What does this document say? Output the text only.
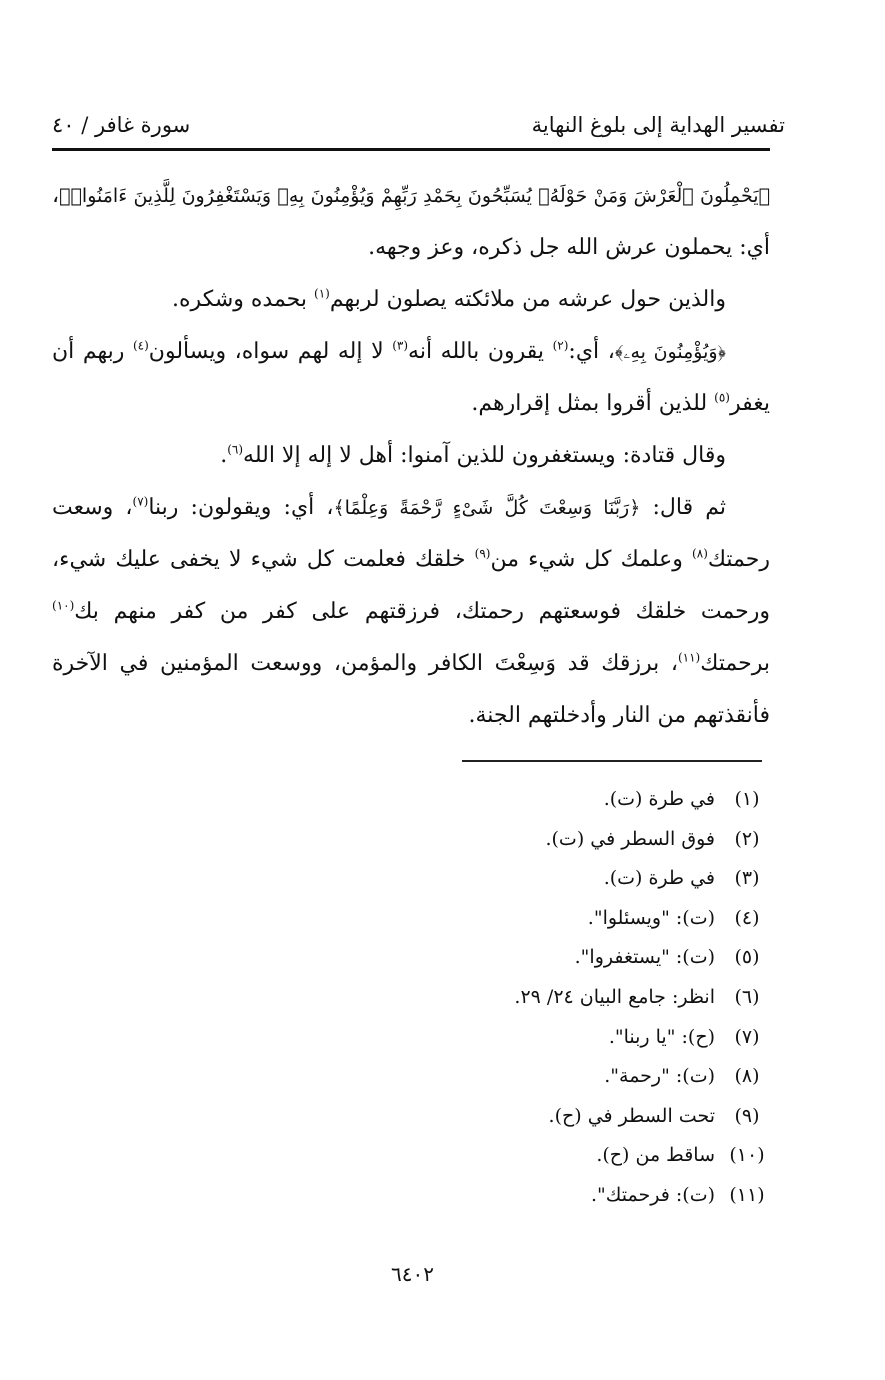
تفسير الهداية إلى بلوغ النهاية
سورة غافر / ٤٠

﴿يَحْمِلُونَ ٱلْعَرْشَ وَمَنْ حَوْلَهُۥ يُسَبِّحُونَ بِحَمْدِ رَبِّهِمْ وَيُؤْمِنُونَ بِهِۦ وَيَسْتَغْفِرُونَ لِلَّذِينَ ءَامَنُوا۟﴾، أي: يحملون عرش الله جل ذكره، وعز وجهه.

والذين حول عرشه من ملائكته يصلون لربهم$^{(١)}$ بحمده وشكره.

﴿وَيُؤْمِنُونَ بِهِۦ﴾، أي:$^{(٢)}$ يقرون بالله أنه$^{(٣)}$ لا إله لهم سواه، ويسألون$^{(٤)}$ ربهم أن يغفر$^{(٥)}$ للذين أقروا بمثل إقرارهم.

وقال قتادة: ويستغفرون للذين آمنوا: أهل لا إله إلا الله$^{(٦)}$.

ثم قال: ﴿رَبَّنَا وَسِعْتَ كُلَّ شَىْءٍ رَّحْمَةً وَعِلْمًا﴾، أي: ويقولون: ربنا$^{(٧)}$، وسعت رحمتك$^{(٨)}$ وعلمك كل شيء من$^{(٩)}$ خلقك فعلمت كل شيء لا يخفى عليك شيء، ورحمت خلقك فوسعتهم رحمتك، فرزقتهم على كفر من كفر منهم بك$^{(١٠)}$ برحمتك$^{(١١)}$، برزقك قد وَسِعْتَ الكافر والمؤمن، ووسعت المؤمنين في الآخرة فأنقذتهم من النار وأدخلتهم الجنة.

(١)
في طرة (ت).
(٢)
فوق السطر في (ت).
(٣)
في طرة (ت).
(٤)
(ت): "ويسئلوا".
(٥)
(ت): "يستغفروا".
(٦)
انظر: جامع البيان ٢٤/ ٢٩.
(٧)
(ح): "يا ربنا".
(٨)
(ت): "رحمة".
(٩)
تحت السطر في (ح).
(١٠)
ساقط من (ح).
(١١)
(ت): فرحمتك".
٦٤٠٢
